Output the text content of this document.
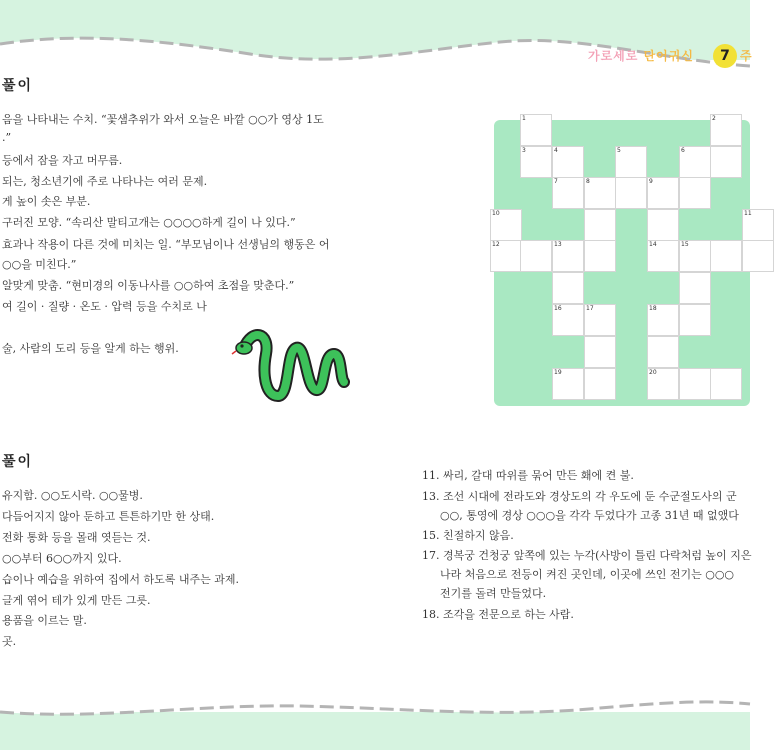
가로세로 단어귀신	7 주
풀이
음을 나타내는 수치. “꽃샘추위가 와서 오늘은 바깥 ○○가 영상 1도
.”
등에서 잠을 자고 머무름.
되는, 청소년기에 주로 나타나는 여러 문제.
게 높이 솟은 부분.
구러진 모양. “속리산 말티고개는 ○○○○하게 길이 나 있다.”
효과나 작용이 다른 것에 미치는 일. “부모님이나 선생님의 행동은 어
○○을 미친다.”
알맞게 맞춤. “현미경의 이동나사를 ○○하여 초점을 맞춘다.”
여 길이 · 질량 · 온도 · 압력 등을 수치로 나
술, 사람의 도리 등을 알게 하는 행위.
풀이
유지함. ○○도시락. ○○물병.
다듬어지지 않아 둔하고 튼튼하기만 한 상태.
전화 통화 등을 몰래 엿듣는 것.
○○부터 6○○까지 있다.
습이나 예습을 위하여 집에서 하도록 내주는 과제.
글게 엮어 테가 있게 만든 그릇.
용품을 이르는 말.
곳.
11. 싸리, 갈대 따위를 묶어 만든 홰에 켠 불.
13. 조선 시대에 전라도와 경상도의 각 우도에 둔 수군절도사의 군
○○, 통영에 경상 ○○○을 각각 두었다가 고종 31년 때 없앴다
15. 친절하지 않음.
17. 경복궁 건청궁 앞쪽에 있는 누각(사방이 틀린 다락처럼 높이 지은
나라 처음으로 전등이 켜진 곳인데, 이곳에 쓰인 전기는 ○○○
전기를 돌려 만들었다.
18. 조각을 전문으로 하는 사람.
1	2
3	4	5	6
7	8	9
10	11
12	13	14	15
16	17	18
19	20
